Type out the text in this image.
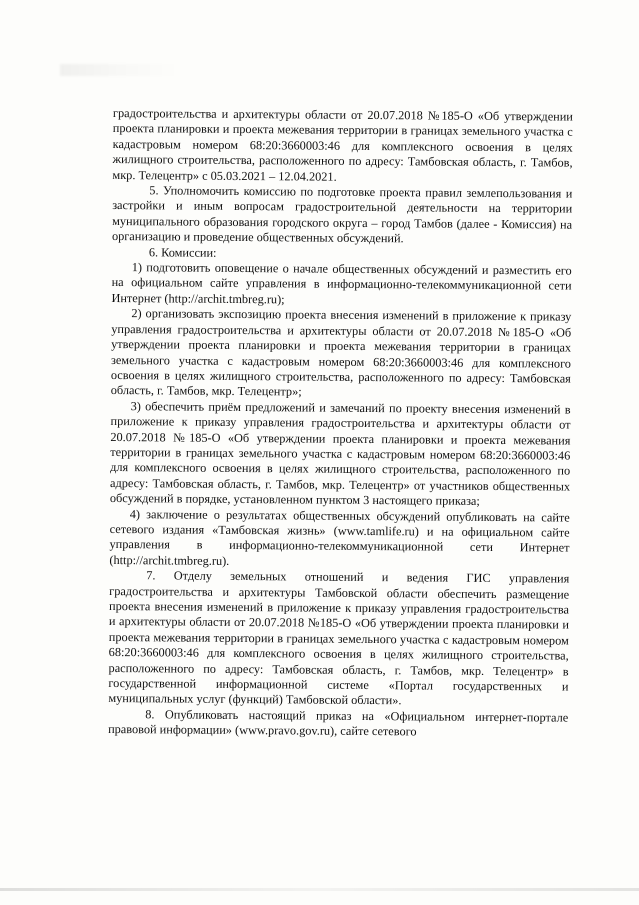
градостроительства и архитектуры области от 20.07.2018 №185-О «Об утверждении проекта планировки и проекта межевания территории в границах земельного участка с кадастровым номером 68:20:3660003:46 для комплексного освоения в целях жилищного строительства, расположенного по адресу: Тамбовская область, г. Тамбов, мкр. Телецентр» с 05.03.2021 – 12.04.2021.

5. Уполномочить комиссию по подготовке проекта правил землепользования и застройки и иным вопросам градостроительной деятельности на территории муниципального образования городского округа – город Тамбов (далее - Комиссия) на организацию и проведение общественных обсуждений.

6. Комиссии:

1) подготовить оповещение о начале общественных обсуждений и разместить его на официальном сайте управления в информационно-телекоммуникационной сети Интернет (http://archit.tmbreg.ru);

2) организовать экспозицию проекта внесения изменений в приложение к приказу управления градостроительства и архитектуры области от 20.07.2018 №185-О «Об утверждении проекта планировки и проекта межевания территории в границах земельного участка с кадастровым номером 68:20:3660003:46 для комплексного освоения в целях жилищного строительства, расположенного по адресу: Тамбовская область, г. Тамбов, мкр. Телецентр»;

3) обеспечить приём предложений и замечаний по проекту внесения изменений в приложение к приказу управления градостроительства и архитектуры области от 20.07.2018 №185-О «Об утверждении проекта планировки и проекта межевания территории в границах земельного участка с кадастровым номером 68:20:3660003:46 для комплексного освоения в целях жилищного строительства, расположенного по адресу: Тамбовская область, г. Тамбов, мкр. Телецентр» от участников общественных обсуждений в порядке, установленном пунктом 3 настоящего приказа;

4) заключение о результатах общественных обсуждений опубликовать на сайте сетевого издания «Тамбовская жизнь» (www.tamlife.ru) и на официальном сайте управления в информационно-телекоммуникационной сети Интернет (http://archit.tmbreg.ru).

7. Отделу земельных отношений и ведения ГИС управления градостроительства и архитектуры Тамбовской области обеспечить размещение проекта внесения изменений в приложение к приказу управления градостроительства и архитектуры области от 20.07.2018 №185-О «Об утверждении проекта планировки и проекта межевания территории в границах земельного участка с кадастровым номером 68:20:3660003:46 для комплексного освоения в целях жилищного строительства, расположенного по адресу: Тамбовская область, г. Тамбов, мкр. Телецентр» в государственной информационной системе «Портал государственных и муниципальных услуг (функций) Тамбовской области».

8. Опубликовать настоящий приказ на «Официальном интернет-портале правовой информации» (www.pravo.gov.ru), сайте сетевого
